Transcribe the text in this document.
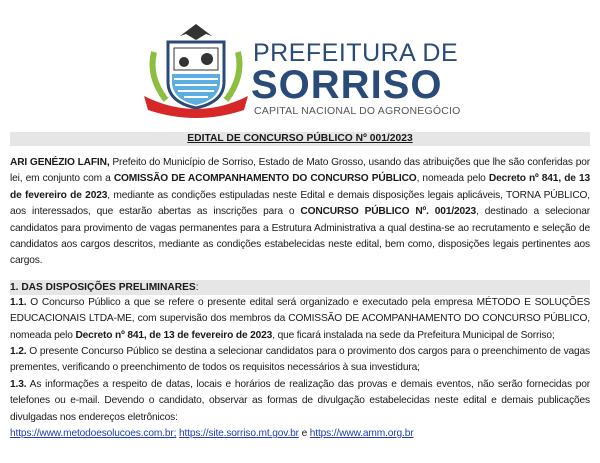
PREFEITURA DE
SORRISO
CAPITAL NACIONAL DO AGRONEGÓCIO
EDITAL DE CONCURSO PÚBLICO Nº 001/2023
ARI GENÉZIO LAFIN, Prefeito do Município de Sorriso, Estado de Mato Grosso, usando das atribuições que lhe são conferidas por lei, em conjunto com a COMISSÃO DE ACOMPANHAMENTO DO CONCURSO PÚBLICO, nomeada pelo Decreto nº 841, de 13 de fevereiro de 2023, mediante as condições estipuladas neste Edital e demais disposições legais aplicáveis, TORNA PÚBLICO, aos interessados, que estarão abertas as inscrições para o CONCURSO PÚBLICO Nº. 001/2023, destinado a selecionar candidatos para provimento de vagas permanentes para a Estrutura Administrativa a qual destina-se ao recrutamento e seleção de candidatos aos cargos descritos, mediante as condições estabelecidas neste edital, bem como, disposições legais pertinentes aos cargos.
1. DAS DISPOSIÇÕES PRELIMINARES:
1.1. O Concurso Público a que se refere o presente edital será organizado e executado pela empresa MÉTODO E SOLUÇÕES EDUCACIONAIS LTDA-ME, com supervisão dos membros da COMISSÃO DE ACOMPANHAMENTO DO CONCURSO PÚBLICO, nomeada pelo Decreto nº 841, de 13 de fevereiro de 2023, que ficará instalada na sede da Prefeitura Municipal de Sorriso;
1.2. O presente Concurso Público se destina a selecionar candidatos para o provimento dos cargos para o preenchimento de vagas prementes, verificando o preenchimento de todos os requisitos necessários à sua investidura;
1.3. As informações a respeito de datas, locais e horários de realização das provas e demais eventos, não serão fornecidas por telefones ou e-mail. Devendo o candidato, observar as formas de divulgação estabelecidas neste edital e demais publicações divulgadas nos endereços eletrônicos:
https://www.metodoesolucoes.com.br; https://site.sorriso.mt.gov.br e https://www.amm.org.br
